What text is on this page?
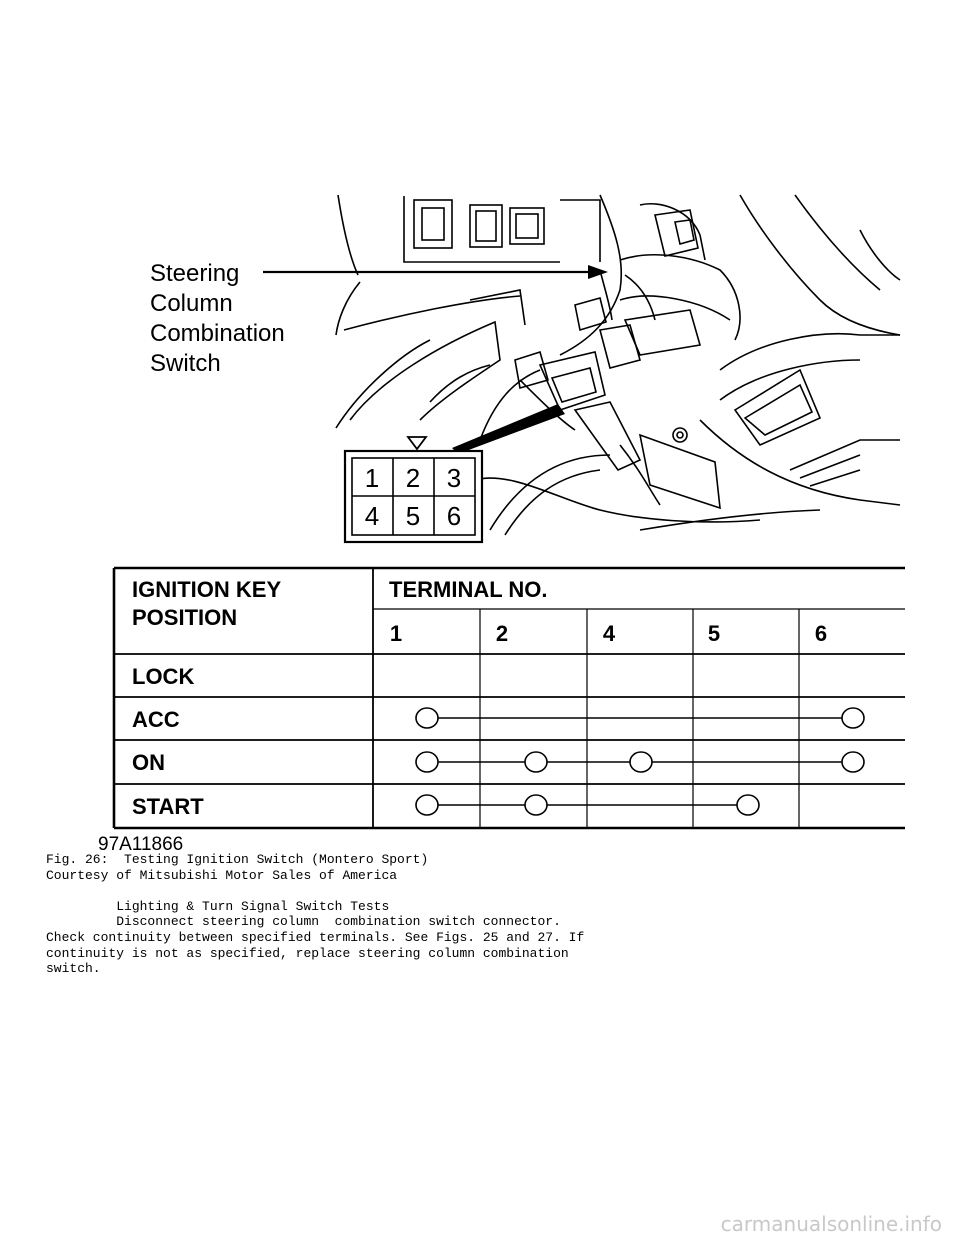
Steering
Column
Combination
Switch
1 2 3
4 5 6
IGNITION KEY
POSITION
TERMINAL NO.
1	2	4	5	6
LOCK
ACC
ON
START
97A11866
Fig. 26:  Testing Ignition Switch (Montero Sport)
Courtesy of Mitsubishi Motor Sales of America

Lighting & Turn Signal Switch Tests
Disconnect steering column  combination switch connector.
Check continuity between specified terminals. See Figs. 25 and 27. If
continuity is not as specified, replace steering column combination
switch.
carmanualsonline.info
